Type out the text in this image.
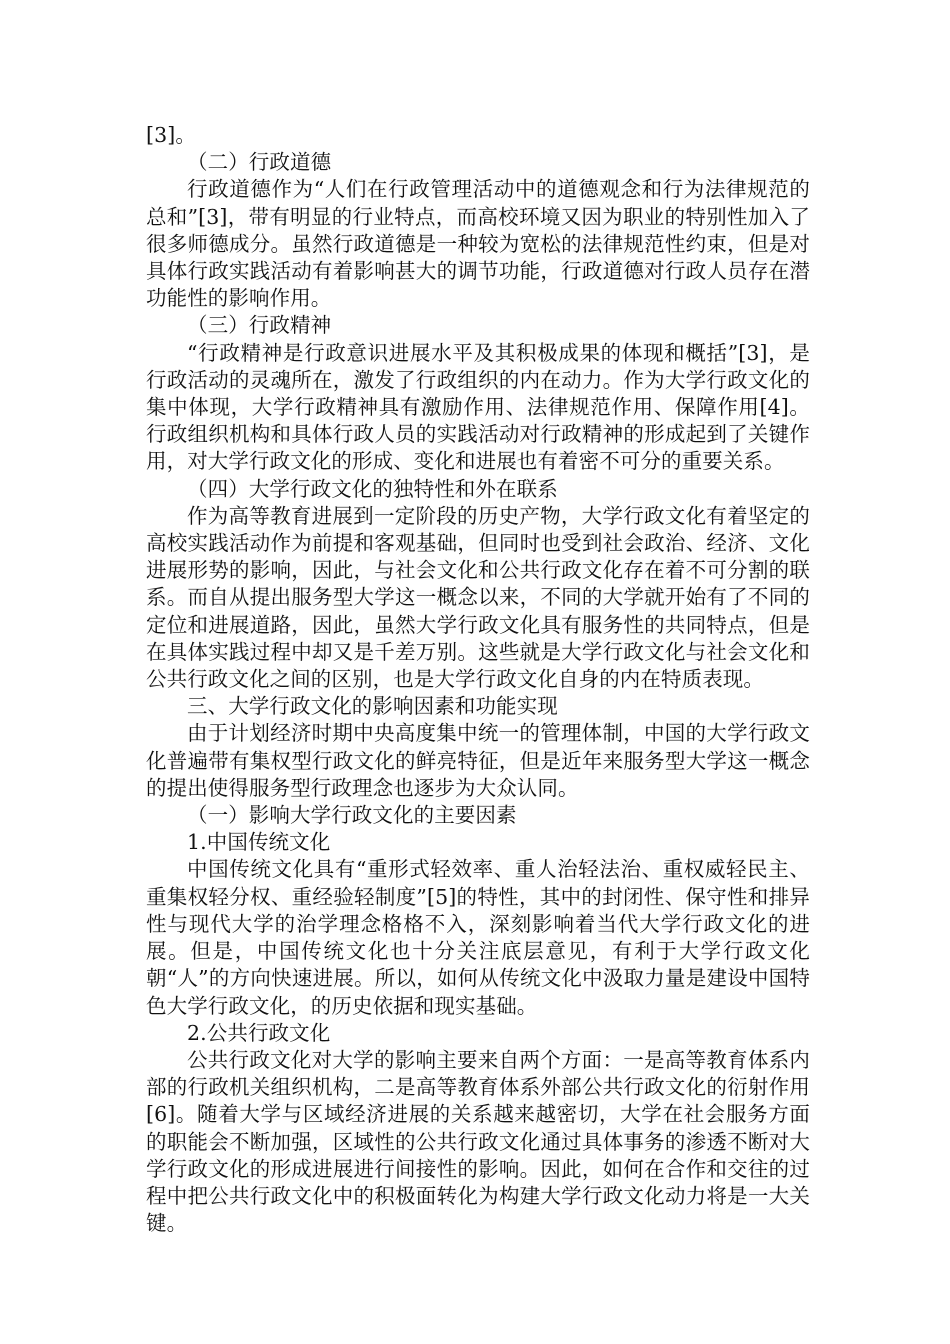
[3]。

（二）行政道德

行政道德作为“人们在行政管理活动中的道德观念和行为法律规范的总和”[3]，带有明显的行业特点，而高校环境又因为职业的特别性加入了很多师德成分。虽然行政道德是一种较为宽松的法律规范性约束，但是对具体行政实践活动有着影响甚大的调节功能，行政道德对行政人员存在潜功能性的影响作用。

（三）行政精神

“行政精神是行政意识进展水平及其积极成果的体现和概括”[3]，是行政活动的灵魂所在，激发了行政组织的内在动力。作为大学行政文化的集中体现，大学行政精神具有激励作用、法律规范作用、保障作用[4]。行政组织机构和具体行政人员的实践活动对行政精神的形成起到了关键作用，对大学行政文化的形成、变化和进展也有着密不可分的重要关系。

（四）大学行政文化的独特性和外在联系

作为高等教育进展到一定阶段的历史产物，大学行政文化有着坚定的高校实践活动作为前提和客观基础，但同时也受到社会政治、经济、文化进展形势的影响，因此，与社会文化和公共行政文化存在着不可分割的联系。而自从提出服务型大学这一概念以来，不同的大学就开始有了不同的定位和进展道路，因此，虽然大学行政文化具有服务性的共同特点，但是在具体实践过程中却又是千差万别。这些就是大学行政文化与社会文化和公共行政文化之间的区别，也是大学行政文化自身的内在特质表现。

三、大学行政文化的影响因素和功能实现

由于计划经济时期中央高度集中统一的管理体制，中国的大学行政文化普遍带有集权型行政文化的鲜亮特征，但是近年来服务型大学这一概念的提出使得服务型行政理念也逐步为大众认同。

（一）影响大学行政文化的主要因素

1.中国传统文化

中国传统文化具有“重形式轻效率、重人治轻法治、重权威轻民主、重集权轻分权、重经验轻制度”[5]的特性，其中的封闭性、保守性和排异性与现代大学的治学理念格格不入，深刻影响着当代大学行政文化的进展。但是，中国传统文化也十分关注底层意见，有利于大学行政文化朝“人”的方向快速进展。所以，如何从传统文化中汲取力量是建设中国特色大学行政文化，的历史依据和现实基础。

2.公共行政文化

公共行政文化对大学的影响主要来自两个方面：一是高等教育体系内部的行政机关组织机构，二是高等教育体系外部公共行政文化的衍射作用[6]。随着大学与区域经济进展的关系越来越密切，大学在社会服务方面的职能会不断加强，区域性的公共行政文化通过具体事务的渗透不断对大学行政文化的形成进展进行间接性的影响。因此，如何在合作和交往的过程中把公共行政文化中的积极面转化为构建大学行政文化动力将是一大关键。
